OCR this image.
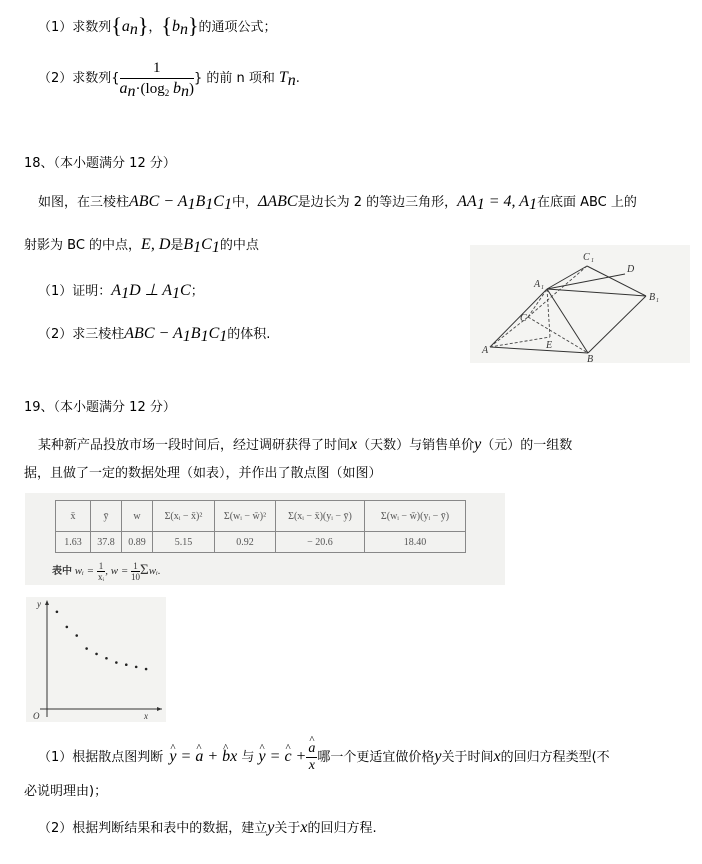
（1）求数列$\{a_n\}$，$\{b_n\}$的通项公式；
（2）求数列{ $\frac{1}{a_n\cdot(\log_2 b_n)}$ } 的前 n 项和 $T_n$.
18、（本小题满分 12 分）
如图，在三棱柱ABC − $A_1B_1C_1$中，ΔABC是边长为 2 的等边三角形，$AA_1 = 4$, $A_1$在底面 ABC 上的
射影为 BC 的中点，E, D是$B_1C_1$的中点
（1）证明：$A_1D$ ⊥ $A_1C$；
（2）求三棱柱ABC − $A_1B_1C_1$的体积.
C 1
D
A 1
B 1
C
E
A
B
19、（本小题满分 12 分）
某种新产品投放市场一段时间后，经过调研获得了时间x（天数）与销售单价y（元）的一组数
据，且做了一定的数据处理（如表），并作出了散点图（如图）
x̄	ȳ	w	Σ(xᵢ − x̄)²	Σ(wᵢ − w̄)²	Σ(xᵢ − x̄)(yᵢ − ȳ)	Σ(wᵢ − w̄)(yᵢ − ȳ)
1.63	37.8	0.89	5.15	0.92	− 20.6	18.40
表中 wᵢ = $\frac{1}{\text{xᵢ}}$ , $w = \frac{1}{10}$ Σwᵢ.
y
x
O
（1）根据散点图判断 ^ y = ^ a + ^ bx 与 ^ y = ^ c +
^ $\frac{a}{x}$ 哪一个更适宜做价格y关于时间x的回归方程类型(不
必说明理由)；
（2）根据判断结果和表中的数据，建立y关于x的回归方程.
